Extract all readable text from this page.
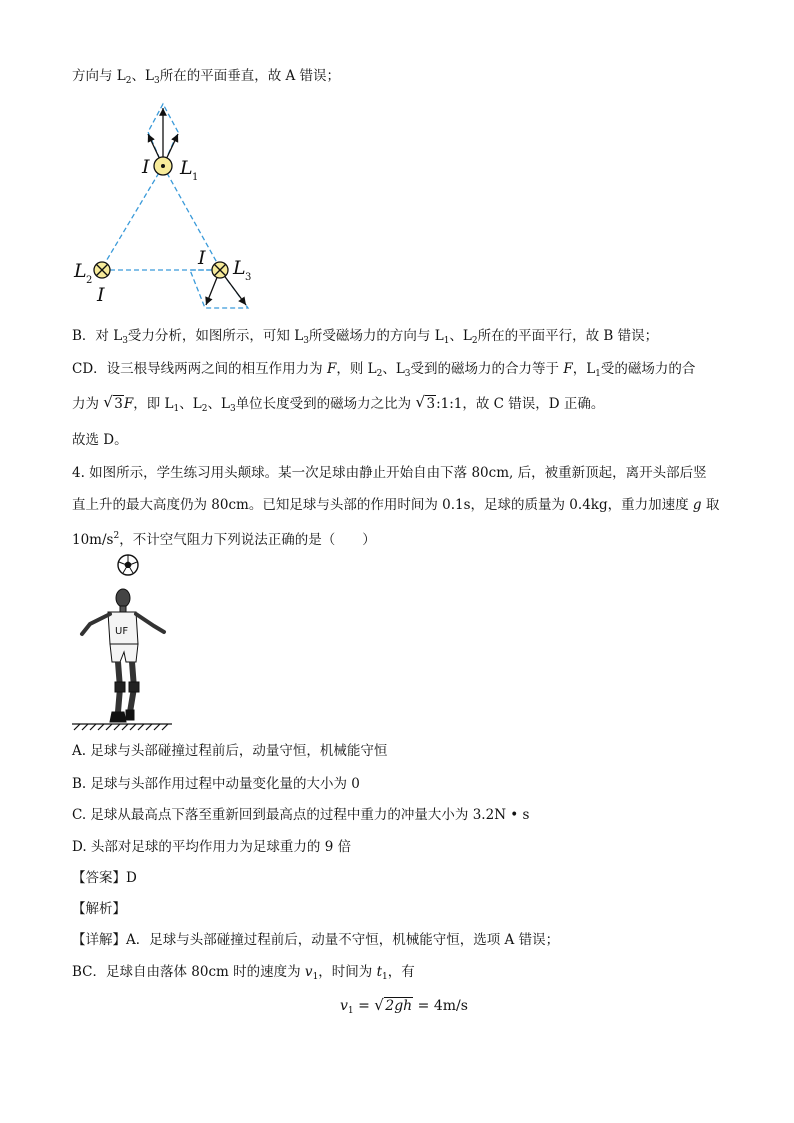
方向与 $L_2$、$L_3$所在的平面垂直，故 A 错误；
I L 1
L 2
I
I L 3
B．对 $L_3$受力分析，如图所示，可知 $L_3$所受磁场力的方向与 $L_1$、$L_2$所在的平面平行，故 B 错误；
CD．设三根导线两两之间的相互作用力为 F，则 $L_2$、$L_3$受到的磁场力的合力等于 F，$L_1$受的磁场力的合
力为 √ 3F，即 $L_1$、$L_2$、$L_3$单位长度受到的磁场力之比为 √ 3:1:1，故 C 错误，D 正确。
故选 D。
4. 如图所示，学生练习用头颠球。某一次足球由静止开始自由下落 80cm, 后，被重新顶起，离开头部后竖
直上升的最大高度仍为 80cm。已知足球与头部的作用时间为 0.1s，足球的质量为 0.4kg，重力加速度 g 取
$10m/s^2$，不计空气阻力下列说法正确的是（　　）
UF
A. 足球与头部碰撞过程前后，动量守恒，机械能守恒
B. 足球与头部作用过程中动量变化量的大小为 0
C. 足球从最高点下落至重新回到最高点的过程中重力的冲量大小为 3.2N • s
D. 头部对足球的平均作用力为足球重力的 9 倍
【答案】D
【解析】
【详解】A．足球与头部碰撞过程前后，动量不守恒，机械能守恒，选项 A 错误；
BC．足球自由落体 80cm 时的速度为 $v_1$，时间为 $t_1$，有
$v_1$ = √ 2gh = 4m/s
